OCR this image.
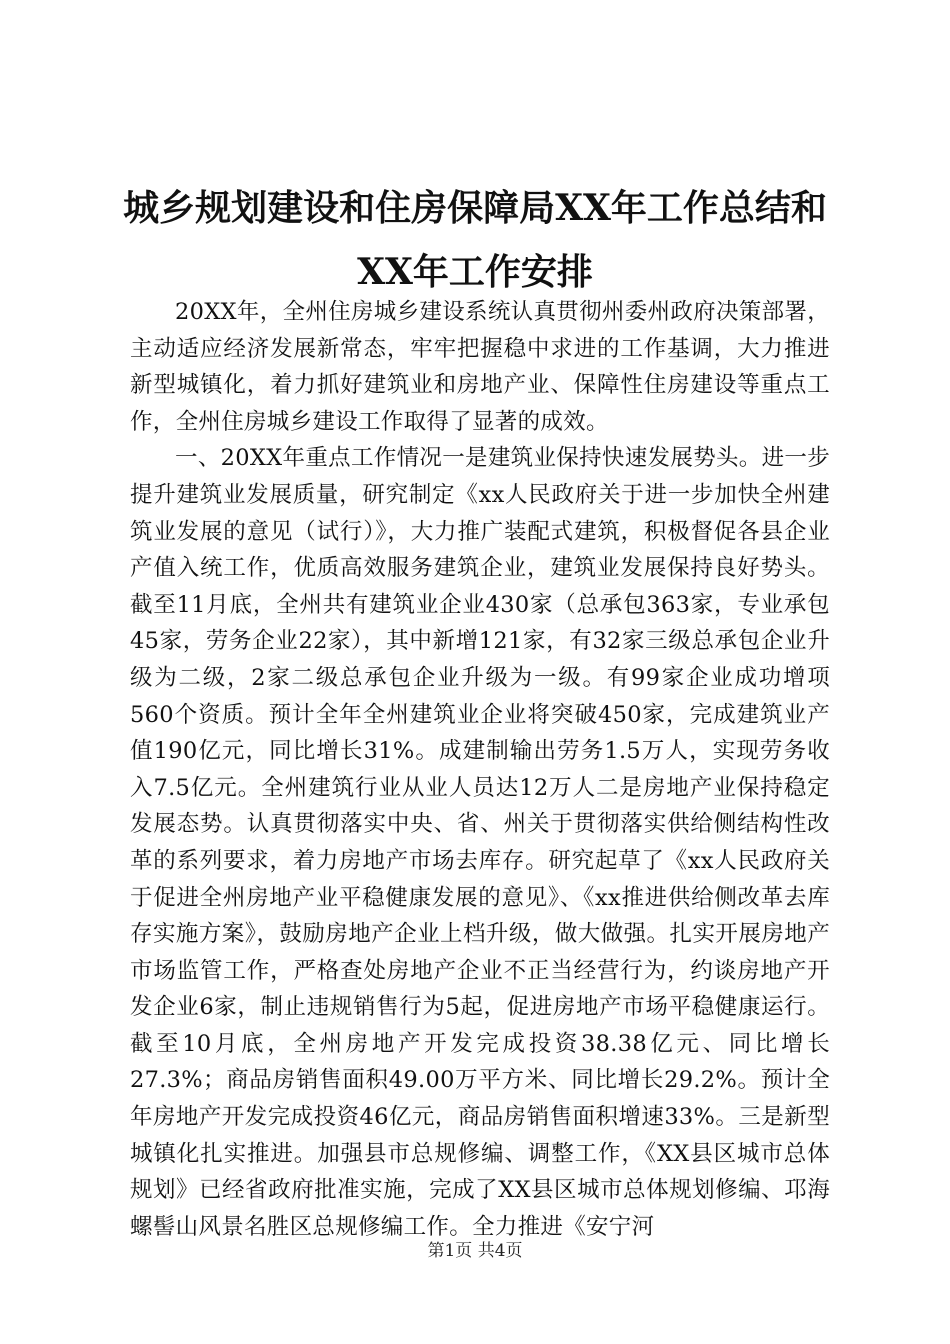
城乡规划建设和住房保障局XX年工作总结和
XX年工作安排

20XX年，全州住房城乡建设系统认真贯彻州委州政府决策部署，主动适应经济发展新常态，牢牢把握稳中求进的工作基调，大力推进新型城镇化，着力抓好建筑业和房地产业、保障性住房建设等重点工作，全州住房城乡建设工作取得了显著的成效。

一、20XX年重点工作情况一是建筑业保持快速发展势头。进一步提升建筑业发展质量，研究制定《xx人民政府关于进一步加快全州建筑业发展的意见（试行）》，大力推广装配式建筑，积极督促各县企业产值入统工作，优质高效服务建筑企业，建筑业发展保持良好势头。截至11月底，全州共有建筑业企业430家（总承包363家，专业承包45家，劳务企业22家），其中新增121家，有32家三级总承包企业升级为二级，2家二级总承包企业升级为一级。有99家企业成功增项560个资质。预计全年全州建筑业企业将突破450家，完成建筑业产值190亿元，同比增长31%。成建制输出劳务1.5万人，实现劳务收入7.5亿元。全州建筑行业从业人员达12万人二是房地产业保持稳定发展态势。认真贯彻落实中央、省、州关于贯彻落实供给侧结构性改革的系列要求，着力房地产市场去库存。研究起草了《xx人民政府关于促进全州房地产业平稳健康发展的意见》、《xx推进供给侧改革去库存实施方案》，鼓励房地产企业上档升级，做大做强。扎实开展房地产市场监管工作，严格查处房地产企业不正当经营行为，约谈房地产开发企业6家，制止违规销售行为5起，促进房地产市场平稳健康运行。截至10月底，全州房地产开发完成投资38.38亿元、同比增长27.3%；商品房销售面积49.00万平方米、同比增长29.2%。预计全年房地产开发完成投资46亿元，商品房销售面积增速33%。三是新型城镇化扎实推进。加强县市总规修编、调整工作，《XX县区城市总体规划》已经省政府批准实施，完成了XX县区城市总体规划修编、邛海螺髻山风景名胜区总规修编工作。全力推进《安宁河

第1页 共4页
